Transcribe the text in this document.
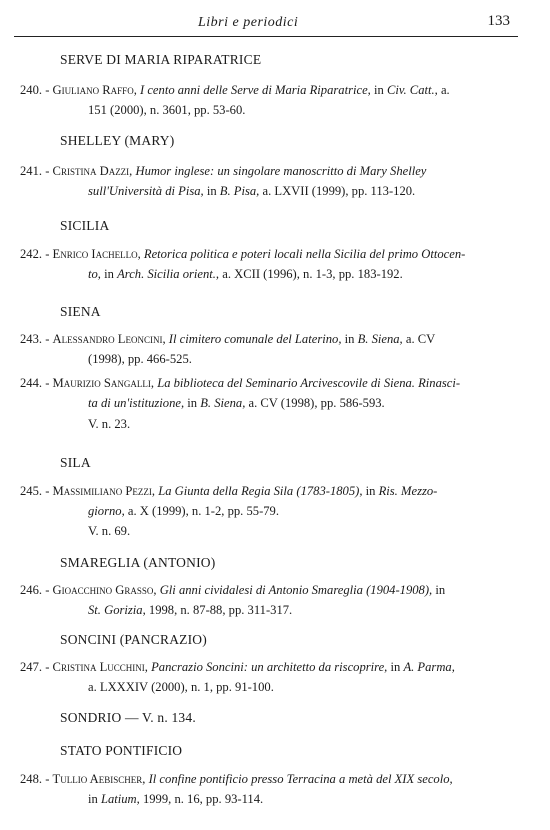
Libri e periodici	133
SERVE DI MARIA RIPARATRICE
240. - Giuliano Raffo, I cento anni delle Serve di Maria Riparatrice, in Civ. Catt., a.
151 (2000), n. 3601, pp. 53-60.
SHELLEY (MARY)
241. - Cristina Dazzi, Humor inglese: un singolare manoscritto di Mary Shelley
sull'Università di Pisa, in B. Pisa, a. LXVII (1999), pp. 113-120.
SICILIA
242. - Enrico Iachello, Retorica politica e poteri locali nella Sicilia del primo Ottocen-
to, in Arch. Sicilia orient., a. XCII (1996), n. 1-3, pp. 183-192.
SIENA
243. - Alessandro Leoncini, Il cimitero comunale del Laterino, in B. Siena, a. CV
(1998), pp. 466-525.
244. - Maurizio Sangalli, La biblioteca del Seminario Arcivescovile di Siena. Rinasci-
ta di un'istituzione, in B. Siena, a. CV (1998), pp. 586-593.
V. n. 23.
SILA
245. - Massimiliano Pezzi, La Giunta della Regia Sila (1783-1805), in Ris. Mezzo-
giorno, a. X (1999), n. 1-2, pp. 55-79.
V. n. 69.
SMAREGLIA (ANTONIO)
246. - Gioacchino Grasso, Gli anni cividalesi di Antonio Smareglia (1904-1908), in
St. Gorizia, 1998, n. 87-88, pp. 311-317.
SONCINI (PANCRAZIO)
247. - Cristina Lucchini, Pancrazio Soncini: un architetto da riscoprire, in A. Parma,
a. LXXXIV (2000), n. 1, pp. 91-100.
SONDRIO — V. n. 134.
STATO PONTIFICIO
248. - Tullio Aebischer, Il confine pontificio presso Terracina a metà del XIX secolo,
in Latium, 1999, n. 16, pp. 93-114.
